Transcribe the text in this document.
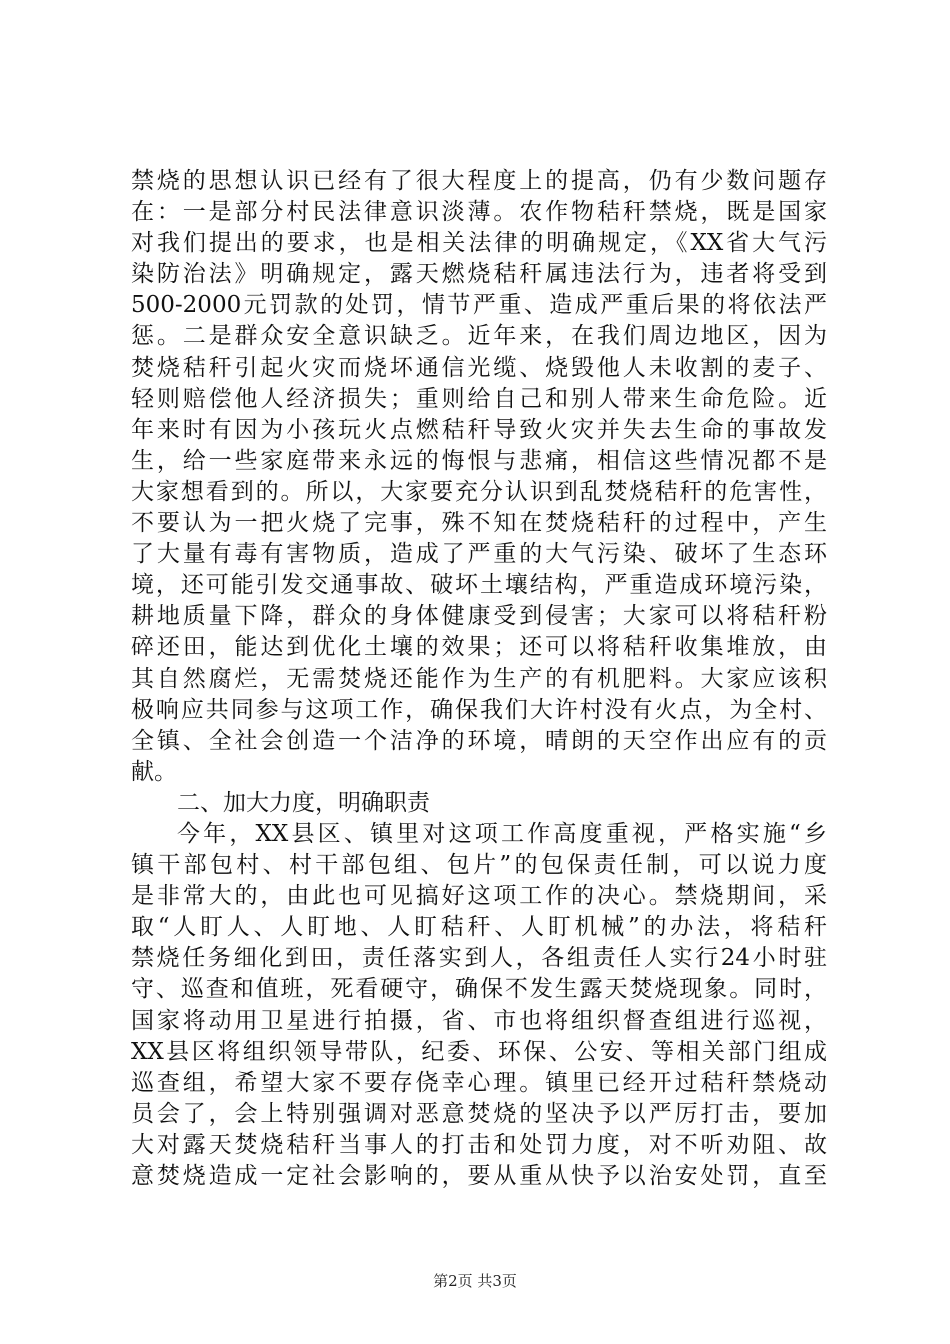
禁烧的思想认识已经有了很大程度上的提高，仍有少数问题存
在：一是部分村民法律意识淡薄。农作物秸秆禁烧，既是国家
对我们提出的要求，也是相关法律的明确规定，《XX省大气污
染防治法》明确规定，露天燃烧秸秆属违法行为，违者将受到
500-2000元罚款的处罚，情节严重、造成严重后果的将依法严
惩。二是群众安全意识缺乏。近年来，在我们周边地区，因为
焚烧秸秆引起火灾而烧坏通信光缆、烧毁他人未收割的麦子、
轻则赔偿他人经济损失；重则给自己和别人带来生命危险。近
年来时有因为小孩玩火点燃秸秆导致火灾并失去生命的事故发
生，给一些家庭带来永远的悔恨与悲痛，相信这些情况都不是
大家想看到的。所以，大家要充分认识到乱焚烧秸秆的危害性，
不要认为一把火烧了完事，殊不知在焚烧秸秆的过程中，产生
了大量有毒有害物质，造成了严重的大气污染、破坏了生态环
境，还可能引发交通事故、破坏土壤结构，严重造成环境污染，
耕地质量下降，群众的身体健康受到侵害；大家可以将秸秆粉
碎还田，能达到优化土壤的效果；还可以将秸秆收集堆放，由
其自然腐烂，无需焚烧还能作为生产的有机肥料。大家应该积
极响应共同参与这项工作，确保我们大许村没有火点，为全村、
全镇、全社会创造一个洁净的环境，晴朗的天空作出应有的贡
献。
二、加大力度，明确职责
今年，XX县区、镇里对这项工作高度重视，严格实施“乡
镇干部包村、村干部包组、包片”的包保责任制，可以说力度
是非常大的，由此也可见搞好这项工作的决心。禁烧期间，采
取“人盯人、人盯地、人盯秸秆、人盯机械”的办法，将秸秆
禁烧任务细化到田，责任落实到人，各组责任人实行24小时驻
守、巡查和值班，死看硬守，确保不发生露天焚烧现象。同时，
国家将动用卫星进行拍摄，省、市也将组织督查组进行巡视，
XX县区将组织领导带队，纪委、环保、公安、等相关部门组成
巡查组，希望大家不要存侥幸心理。镇里已经开过秸秆禁烧动
员会了，会上特别强调对恶意焚烧的坚决予以严厉打击，要加
大对露天焚烧秸秆当事人的打击和处罚力度，对不听劝阻、故
意焚烧造成一定社会影响的，要从重从快予以治安处罚，直至
第2页 共3页
